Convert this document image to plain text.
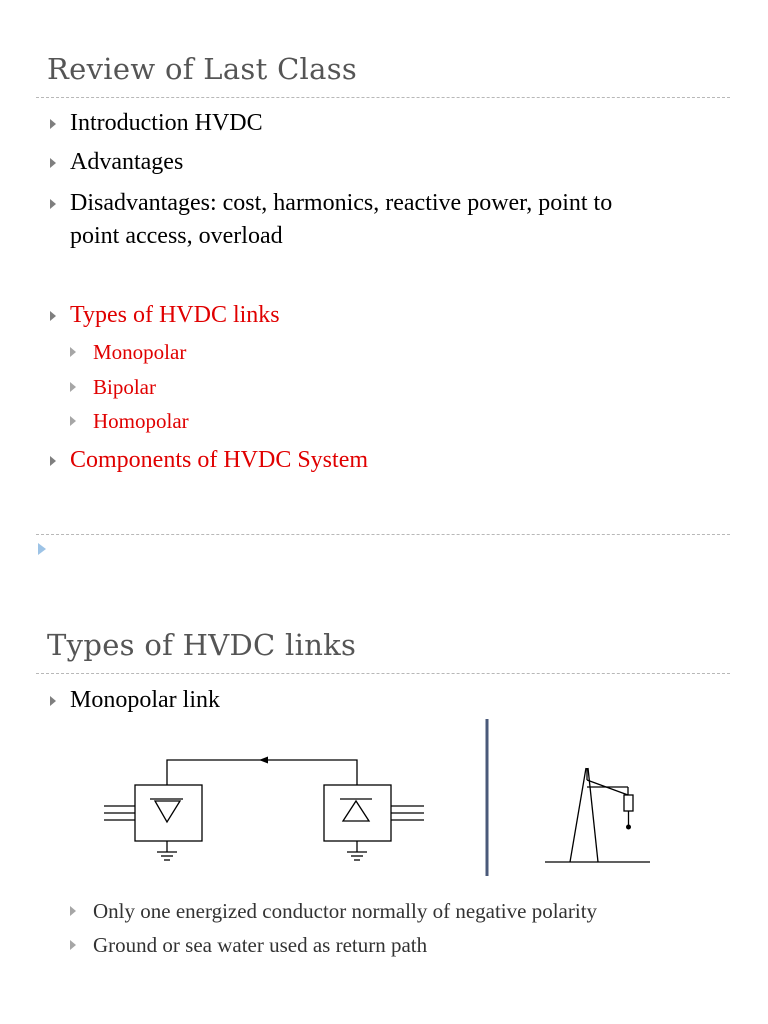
Review of Last Class
Introduction HVDC
Advantages
Disadvantages: cost, harmonics, reactive power, point to
point access, overload
Types of HVDC links
Monopolar
Bipolar
Homopolar
Components of HVDC System
Types of HVDC links
Monopolar link
Only one energized conductor normally of negative polarity
Ground or sea water used as return path
